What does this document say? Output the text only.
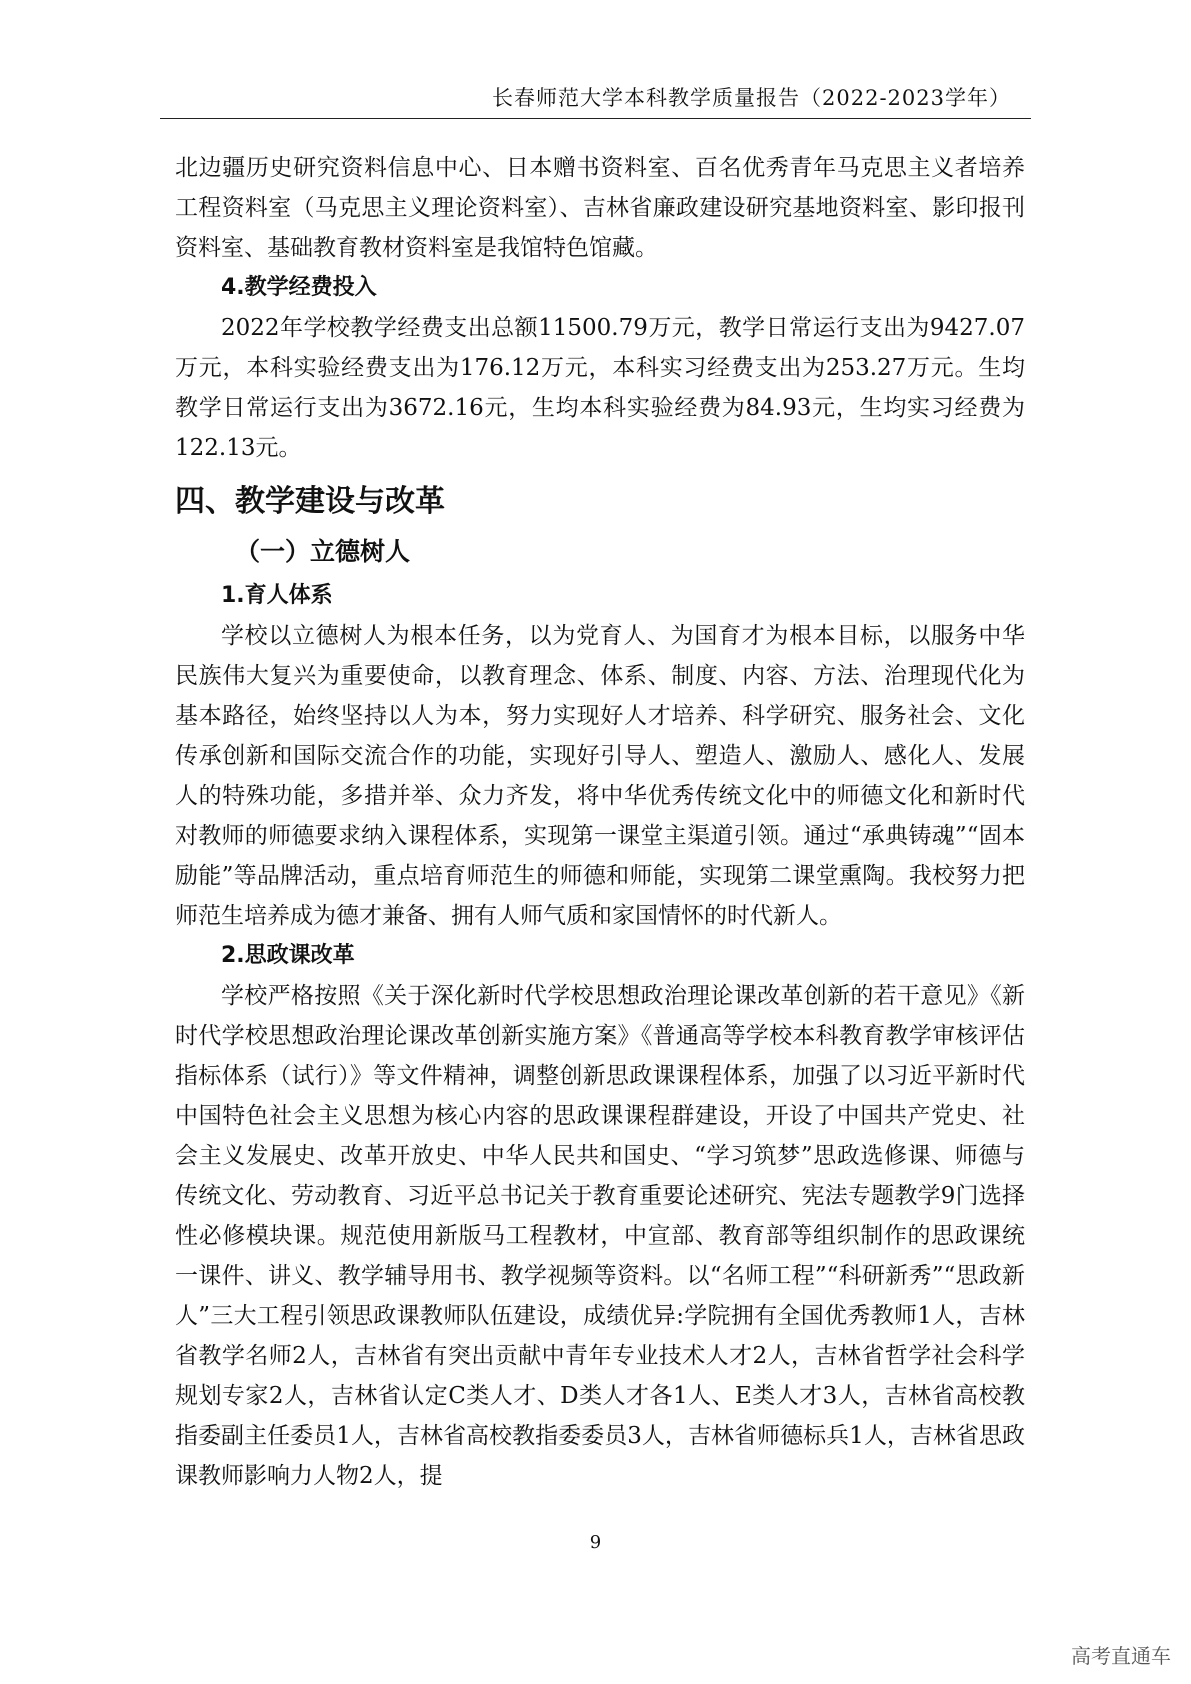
长春师范大学本科教学质量报告（2022-2023学年）

北边疆历史研究资料信息中心、日本赠书资料室、百名优秀青年马克思主义者培养工程资料室（马克思主义理论资料室）、吉林省廉政建设研究基地资料室、影印报刊资料室、基础教育教材资料室是我馆特色馆藏。

4.教学经费投入

2022年学校教学经费支出总额11500.79万元，教学日常运行支出为9427.07万元，本科实验经费支出为176.12万元，本科实习经费支出为253.27万元。生均教学日常运行支出为3672.16元，生均本科实验经费为84.93元，生均实习经费为122.13元。

四、教学建设与改革
（一）立德树人

1.育人体系

学校以立德树人为根本任务，以为党育人、为国育才为根本目标，以服务中华民族伟大复兴为重要使命，以教育理念、体系、制度、内容、方法、治理现代化为基本路径，始终坚持以人为本，努力实现好人才培养、科学研究、服务社会、文化传承创新和国际交流合作的功能，实现好引导人、塑造人、激励人、感化人、发展人的特殊功能，多措并举、众力齐发，将中华优秀传统文化中的师德文化和新时代对教师的师德要求纳入课程体系，实现第一课堂主渠道引领。通过“承典铸魂”“固本励能”等品牌活动，重点培育师范生的师德和师能，实现第二课堂熏陶。我校努力把师范生培养成为德才兼备、拥有人师气质和家国情怀的时代新人。

2.思政课改革

学校严格按照《关于深化新时代学校思想政治理论课改革创新的若干意见》《新时代学校思想政治理论课改革创新实施方案》《普通高等学校本科教育教学审核评估指标体系（试行）》等文件精神，调整创新思政课课程体系，加强了以习近平新时代中国特色社会主义思想为核心内容的思政课课程群建设，开设了中国共产党史、社会主义发展史、改革开放史、中华人民共和国史、“学习筑梦”思政选修课、师德与传统文化、劳动教育、习近平总书记关于教育重要论述研究、宪法专题教学9门选择性必修模块课。规范使用新版马工程教材，中宣部、教育部等组织制作的思政课统一课件、讲义、教学辅导用书、教学视频等资料。以“名师工程”“科研新秀”“思政新人”三大工程引领思政课教师队伍建设，成绩优异:学院拥有全国优秀教师1人，吉林省教学名师2人，吉林省有突出贡献中青年专业技术人才2人，吉林省哲学社会科学规划专家2人，吉林省认定C类人才、D类人才各1人、E类人才3人，吉林省高校教指委副主任委员1人，吉林省高校教指委委员3人，吉林省师德标兵1人，吉林省思政课教师影响力人物2人，提

9
高考直通车
